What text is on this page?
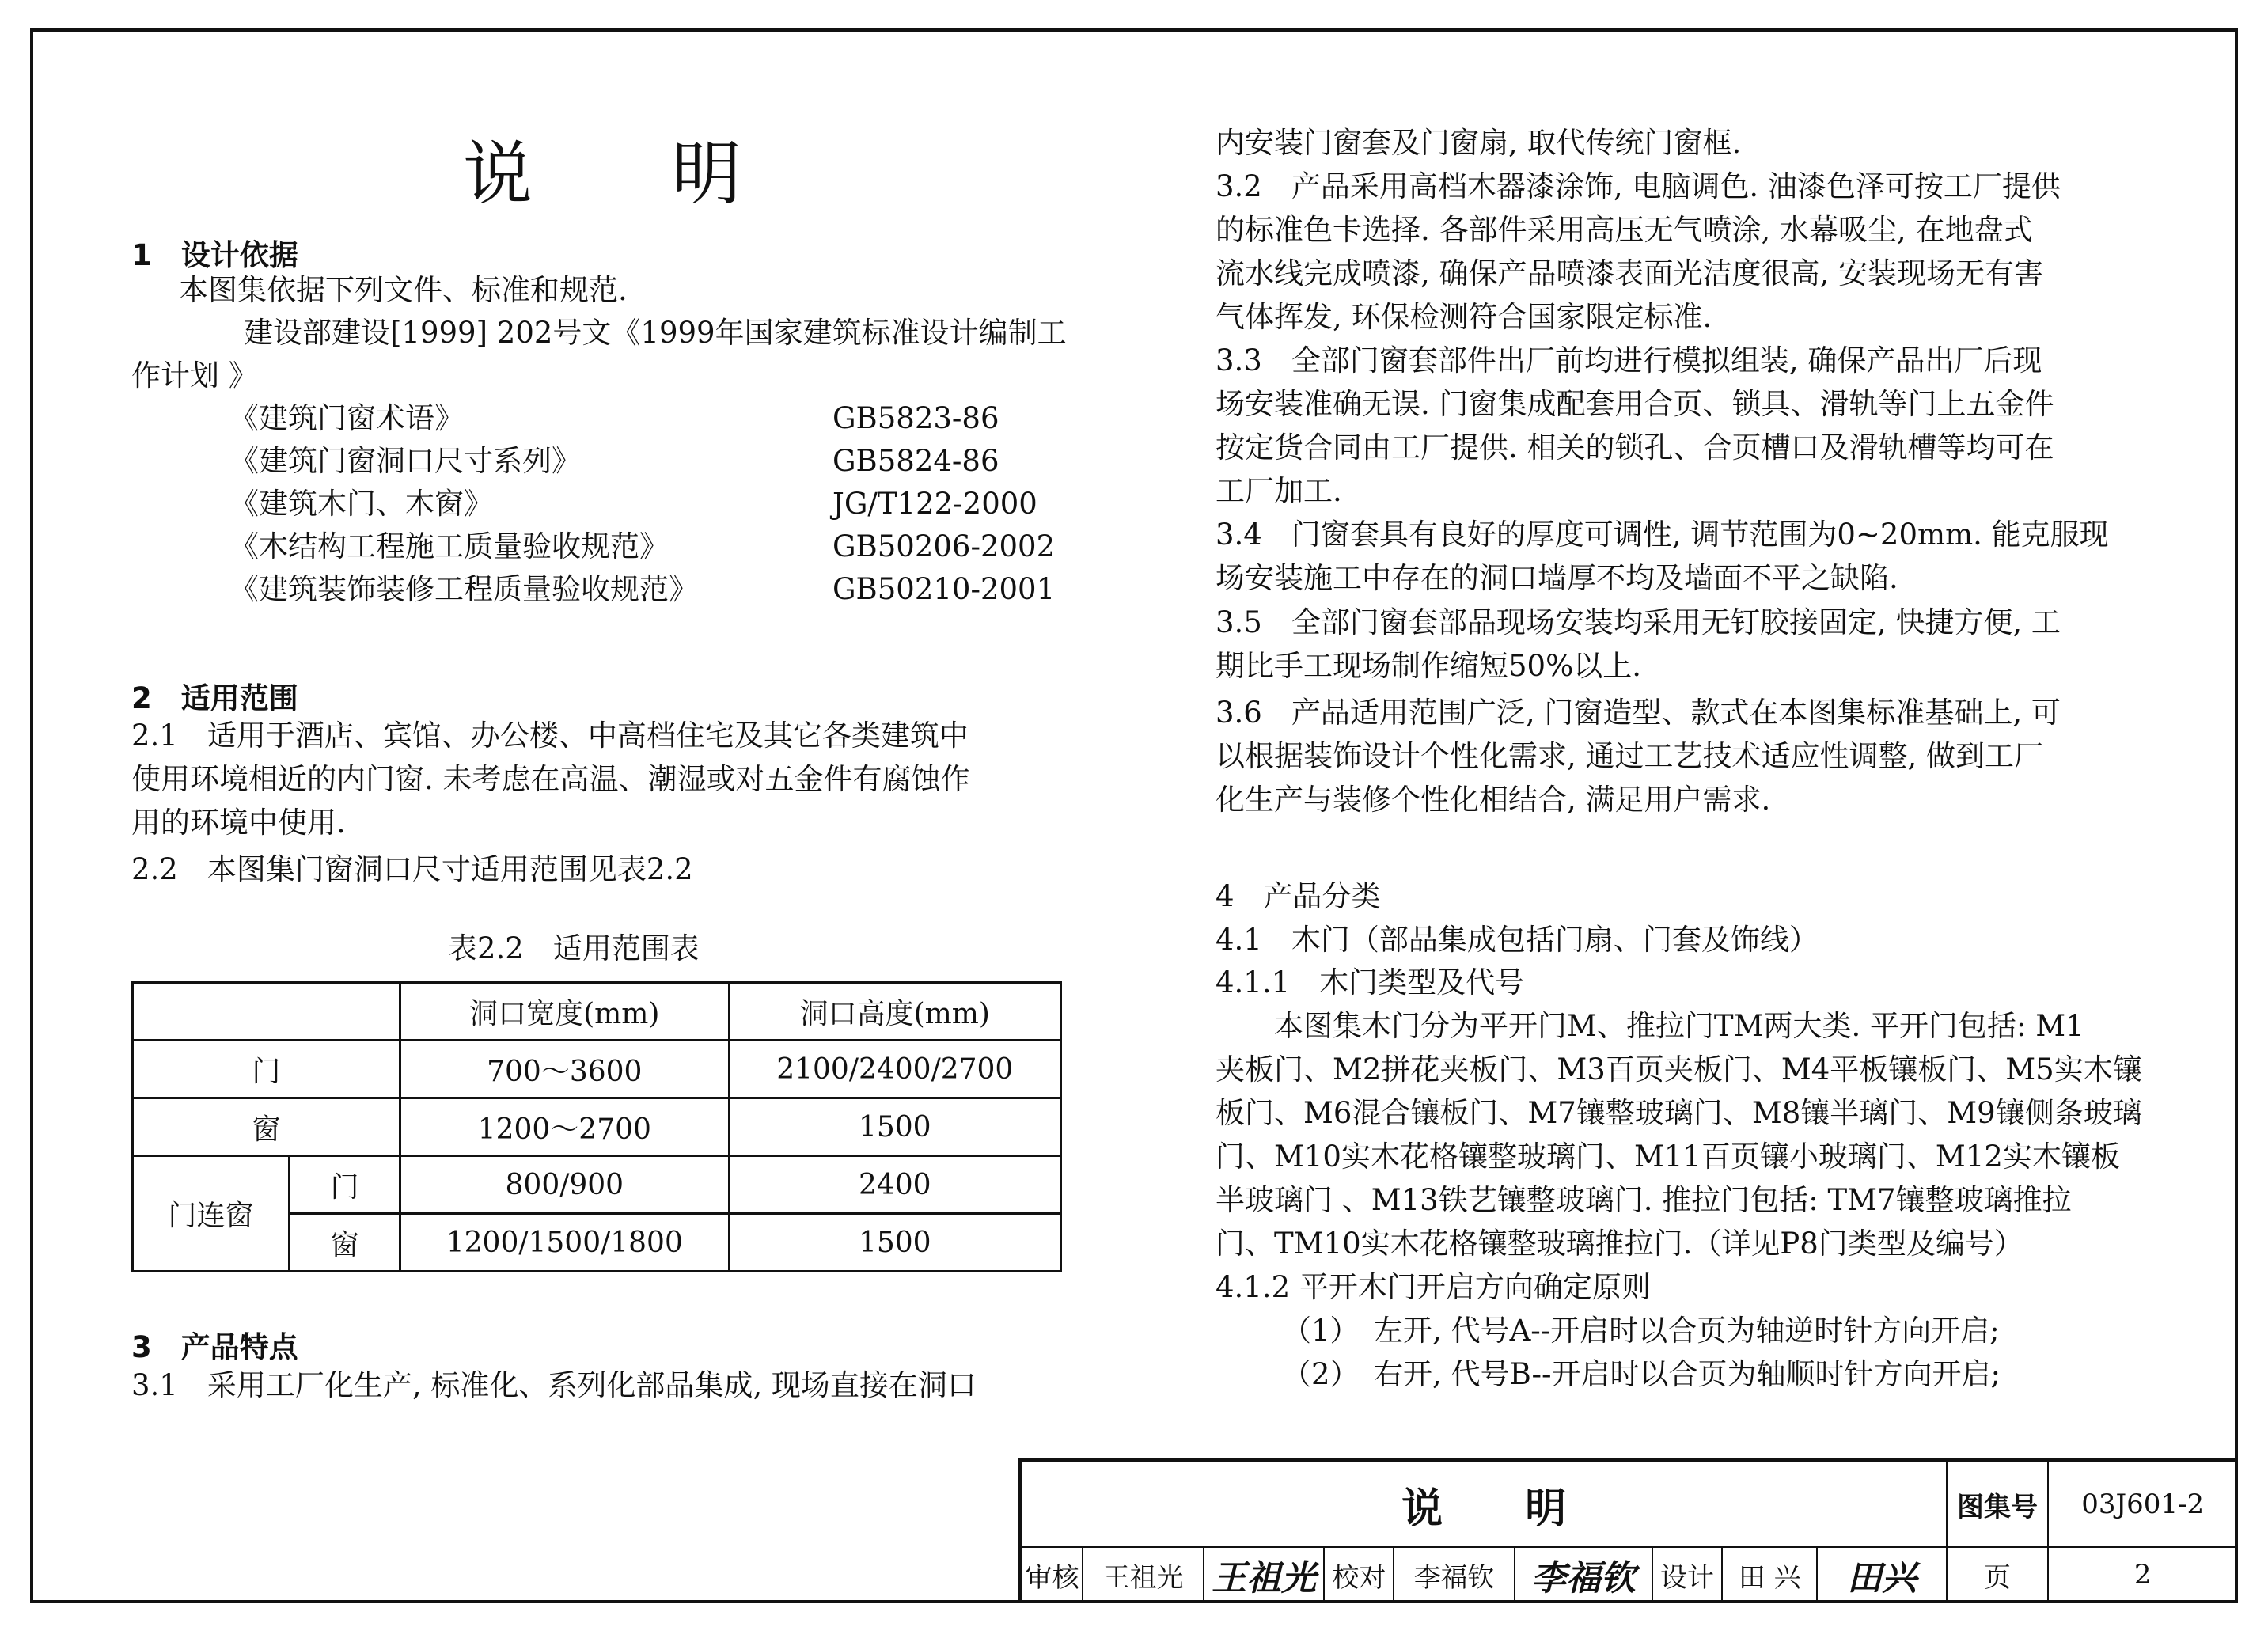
说　　明
1　设计依据
本图集依据下列文件、标准和规范.
建设部建设[1999] 202号文《1999年国家建筑标准设计编制工
作计划 》
《建筑门窗术语》	GB5823-86
《建筑门窗洞口尺寸系列》	GB5824-86
《建筑木门、木窗》	JG/T122-2000
《木结构工程施工质量验收规范》	GB50206-2002
《建筑装饰装修工程质量验收规范》	GB50210-2001
2　适用范围
2.1　适用于酒店、宾馆、办公楼、中高档住宅及其它各类建筑中
使用环境相近的内门窗. 未考虑在高温、潮湿或对五金件有腐蚀作
用的环境中使用.
2.2　本图集门窗洞口尺寸适用范围见表2.2
表2.2　适用范围表
		洞口宽度(mm)	洞口高度(mm)
门		700～3600	2100/2400/2700
窗		1200～2700	1500
门连窗	门	800/900	2400
	窗	1200/1500/1800	1500
3　产品特点
3.1　采用工厂化生产, 标准化、系列化部品集成, 现场直接在洞口
内安装门窗套及门窗扇, 取代传统门窗框.
3.2　产品采用高档木器漆涂饰, 电脑调色. 油漆色泽可按工厂提供
的标准色卡选择. 各部件采用高压无气喷涂, 水幕吸尘, 在地盘式
流水线完成喷漆, 确保产品喷漆表面光洁度很高, 安装现场无有害
气体挥发, 环保检测符合国家限定标准.
3.3　全部门窗套部件出厂前均进行模拟组装, 确保产品出厂后现
场安装准确无误. 门窗集成配套用合页、锁具、滑轨等门上五金件
按定货合同由工厂提供. 相关的锁孔、合页槽口及滑轨槽等均可在
工厂加工.
3.4　门窗套具有良好的厚度可调性, 调节范围为0~20mm. 能克服现
场安装施工中存在的洞口墙厚不均及墙面不平之缺陷.
3.5　全部门窗套部品现场安装均采用无钉胶接固定, 快捷方便, 工
期比手工现场制作缩短50%以上.
3.6　产品适用范围广泛, 门窗造型、款式在本图集标准基础上, 可
以根据装饰设计个性化需求, 通过工艺技术适应性调整, 做到工厂
化生产与装修个性化相结合, 满足用户需求.
4　产品分类
4.1　木门（部品集成包括门扇、门套及饰线）
4.1.1　木门类型及代号
　　本图集木门分为平开门M、推拉门TM两大类. 平开门包括: M1
夹板门、M2拼花夹板门、M3百页夹板门、M4平板镶板门、M5实木镶
板门、M6混合镶板门、M7镶整玻璃门、M8镶半璃门、M9镶侧条玻璃
门、M10实木花格镶整玻璃门、M11百页镶小玻璃门、M12实木镶板
半玻璃门 、M13铁艺镶整玻璃门. 推拉门包括: TM7镶整玻璃推拉
门、TM10实木花格镶整玻璃推拉门.（详见P8门类型及编号）
4.1.2 平开木门开启方向确定原则
（1）　左开, 代号A--开启时以合页为轴逆时针方向开启;
（2）　右开, 代号B--开启时以合页为轴顺时针方向开启;
说　　明									图集号	03J601-2
审核	王祖光	王祖光	校对	李福钦	李福钦	设计	田 兴	田兴	页	2
